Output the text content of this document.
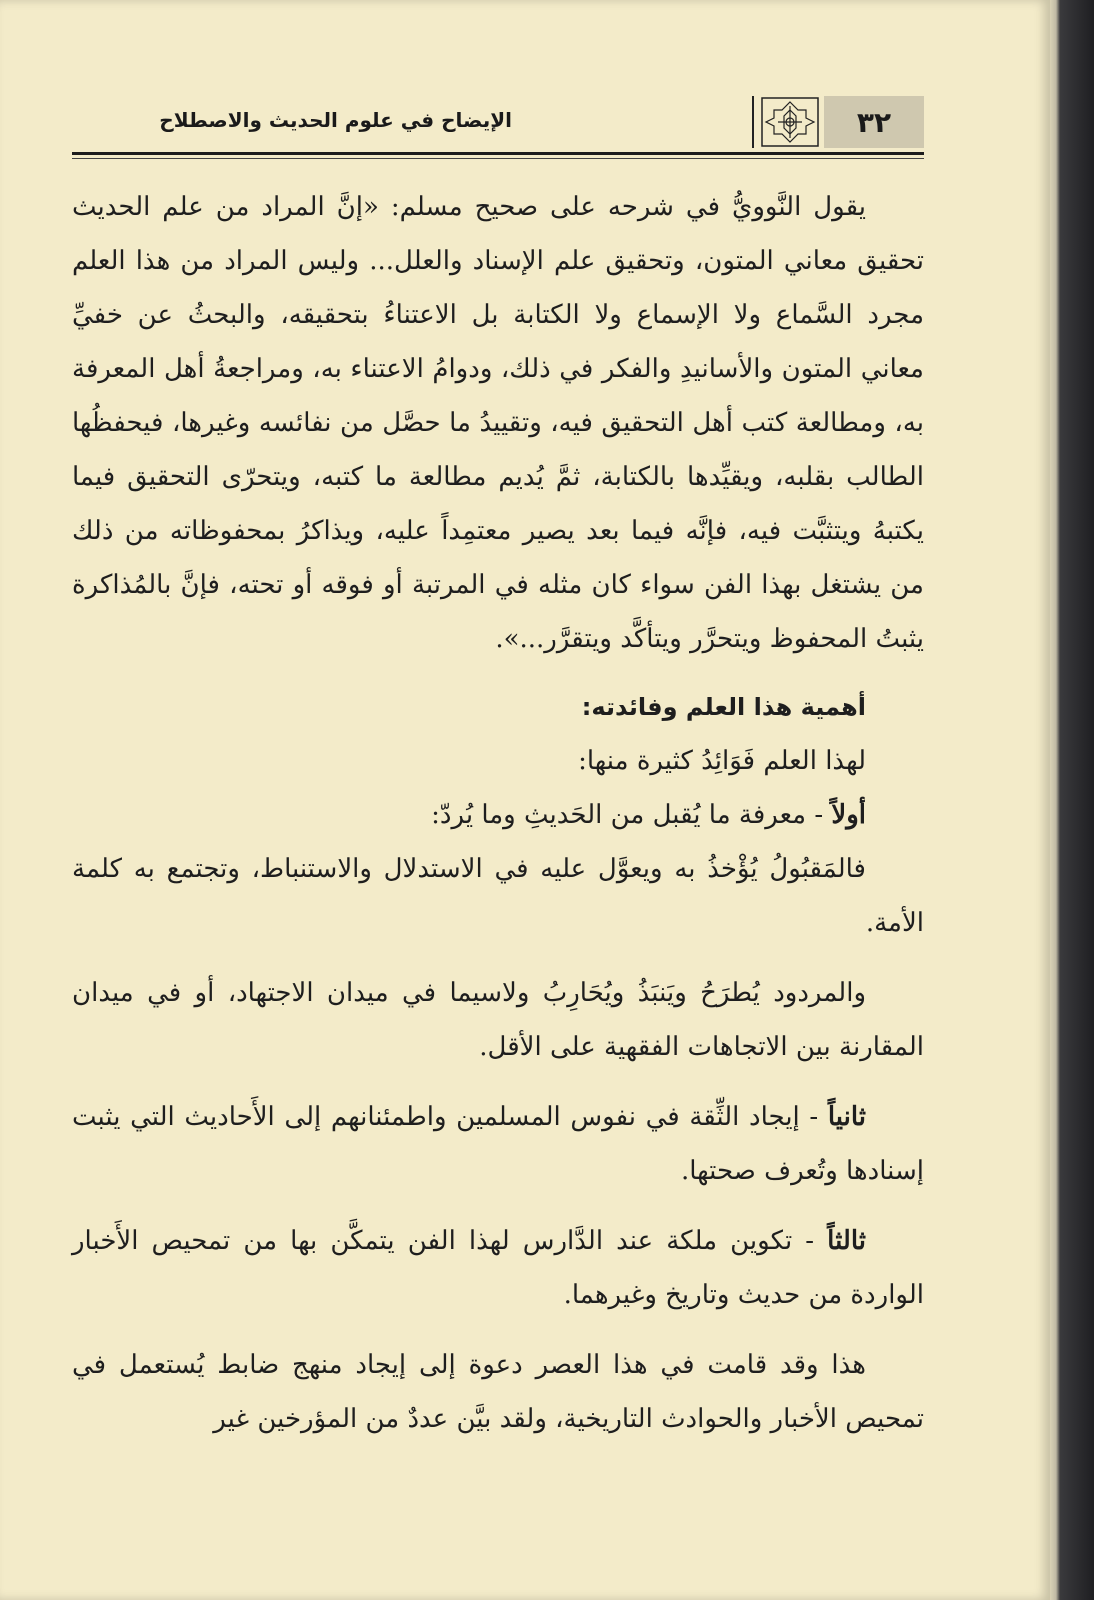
الإيضاح في علوم الحديث والاصطلاح	٣٢

يقول النَّوويُّ في شرحه على صحيح مسلم: «إنَّ المراد من علم الحديث تحقيق معاني المتون، وتحقيق علم الإسناد والعلل... وليس المراد من هذا العلم مجرد السَّماع ولا الإسماع ولا الكتابة بل الاعتناءُ بتحقيقه، والبحثُ عن خفيِّ معاني المتون والأسانيدِ والفكر في ذلك، ودوامُ الاعتناء به، ومراجعةُ أهل المعرفة به، ومطالعة كتب أهل التحقيق فيه، وتقييدُ ما حصَّل من نفائسه وغيرها، فيحفظُها الطالب بقلبه، ويقيِّدها بالكتابة، ثمَّ يُديم مطالعة ما كتبه، ويتحرّى التحقيق فيما يكتبهُ ويتثبَّت فيه، فإنَّه فيما بعد يصير معتمِداً عليه، ويذاكرُ بمحفوظاته من ذلك من يشتغل بهذا الفن سواء كان مثله في المرتبة أو فوقه أو تحته، فإنَّ بالمُذاكرة يثبتُ المحفوظ ويتحرَّر ويتأكَّد ويتقرَّر...».

أهمية هذا العلم وفائدته:

لهذا العلم فَوَائِدُ كثيرة منها:

أولاً - معرفة ما يُقبل من الحَديثِ وما يُردّ:

فالمَقبُولُ يُؤْخذُ به ويعوَّل عليه في الاستدلال والاستنباط، وتجتمع به كلمة الأمة.

والمردود يُطرَحُ ويَنبَذُ ويُحَارِبُ ولاسيما في ميدان الاجتهاد، أو في ميدان المقارنة بين الاتجاهات الفقهية على الأقل.

ثانياً - إيجاد الثِّقة في نفوس المسلمين واطمئنانهم إلى الأَحاديث التي يثبت إسنادها وتُعرف صحتها.

ثالثاً - تكوين ملكة عند الدَّارس لهذا الفن يتمكَّن بها من تمحيص الأَخبار الواردة من حديث وتاريخ وغيرهما.

هذا وقد قامت في هذا العصر دعوة إلى إيجاد منهج ضابط يُستعمل في تمحيص الأخبار والحوادث التاريخية، ولقد بيَّن عددٌ من المؤرخين غير
